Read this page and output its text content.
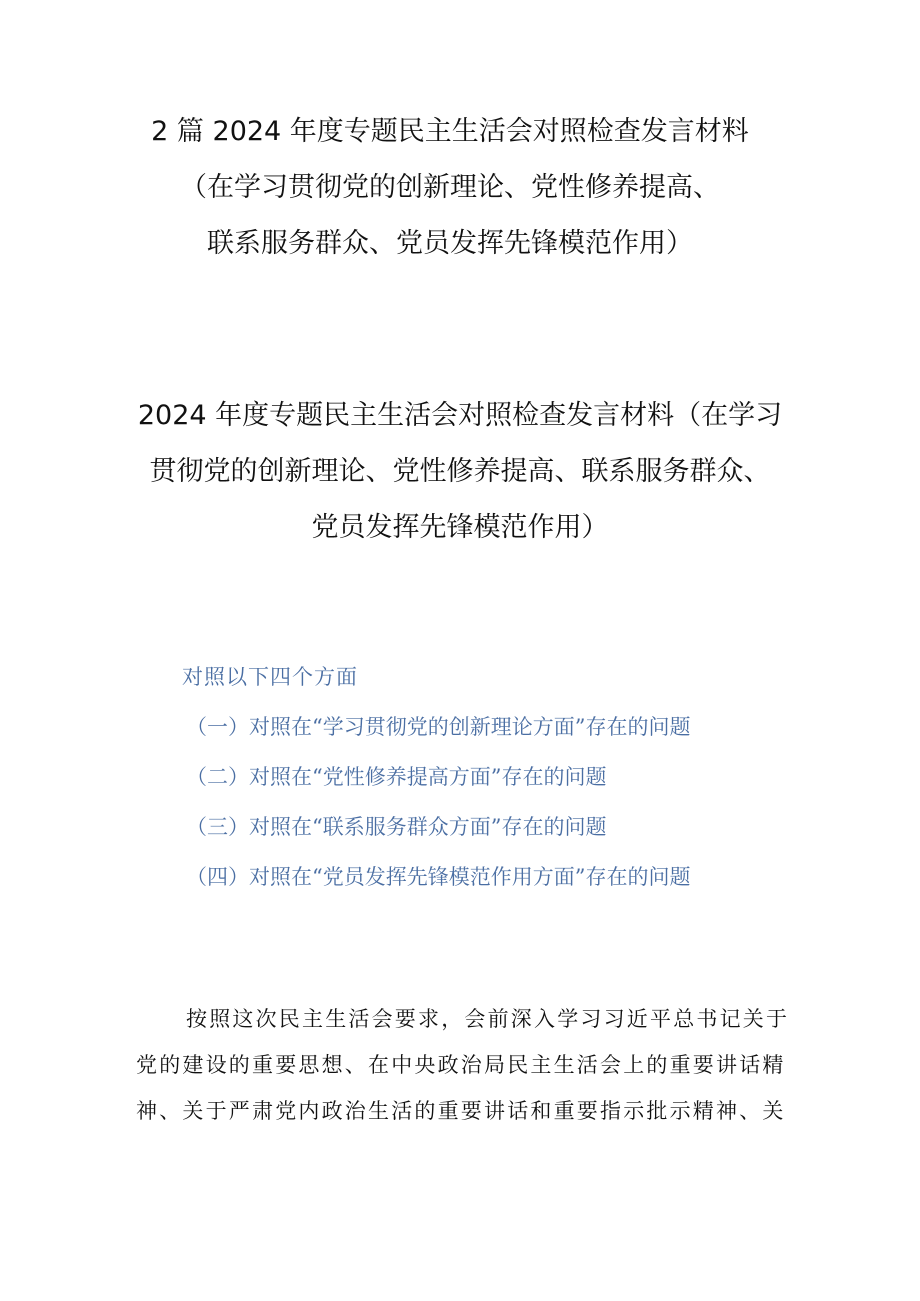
2 篇 2024 年度专题民主生活会对照检查发言材料
（在学习贯彻党的创新理论、党性修养提高、
联系服务群众、党员发挥先锋模范作用）
2024 年度专题民主生活会对照检查发言材料（在学习
贯彻党的创新理论、党性修养提高、联系服务群众、
党员发挥先锋模范作用）
对照以下四个方面
（一）对照在“学习贯彻党的创新理论方面”存在的问题
（二）对照在“党性修养提高方面”存在的问题
（三）对照在“联系服务群众方面”存在的问题
（四）对照在“党员发挥先锋模范作用方面”存在的问题
按照这次民主生活会要求，会前深入学习习近平总书记关于
党的建设的重要思想、在中央政治局民主生活会上的重要讲话精
神、关于严肃党内政治生活的重要讲话和重要指示批示精神、关
